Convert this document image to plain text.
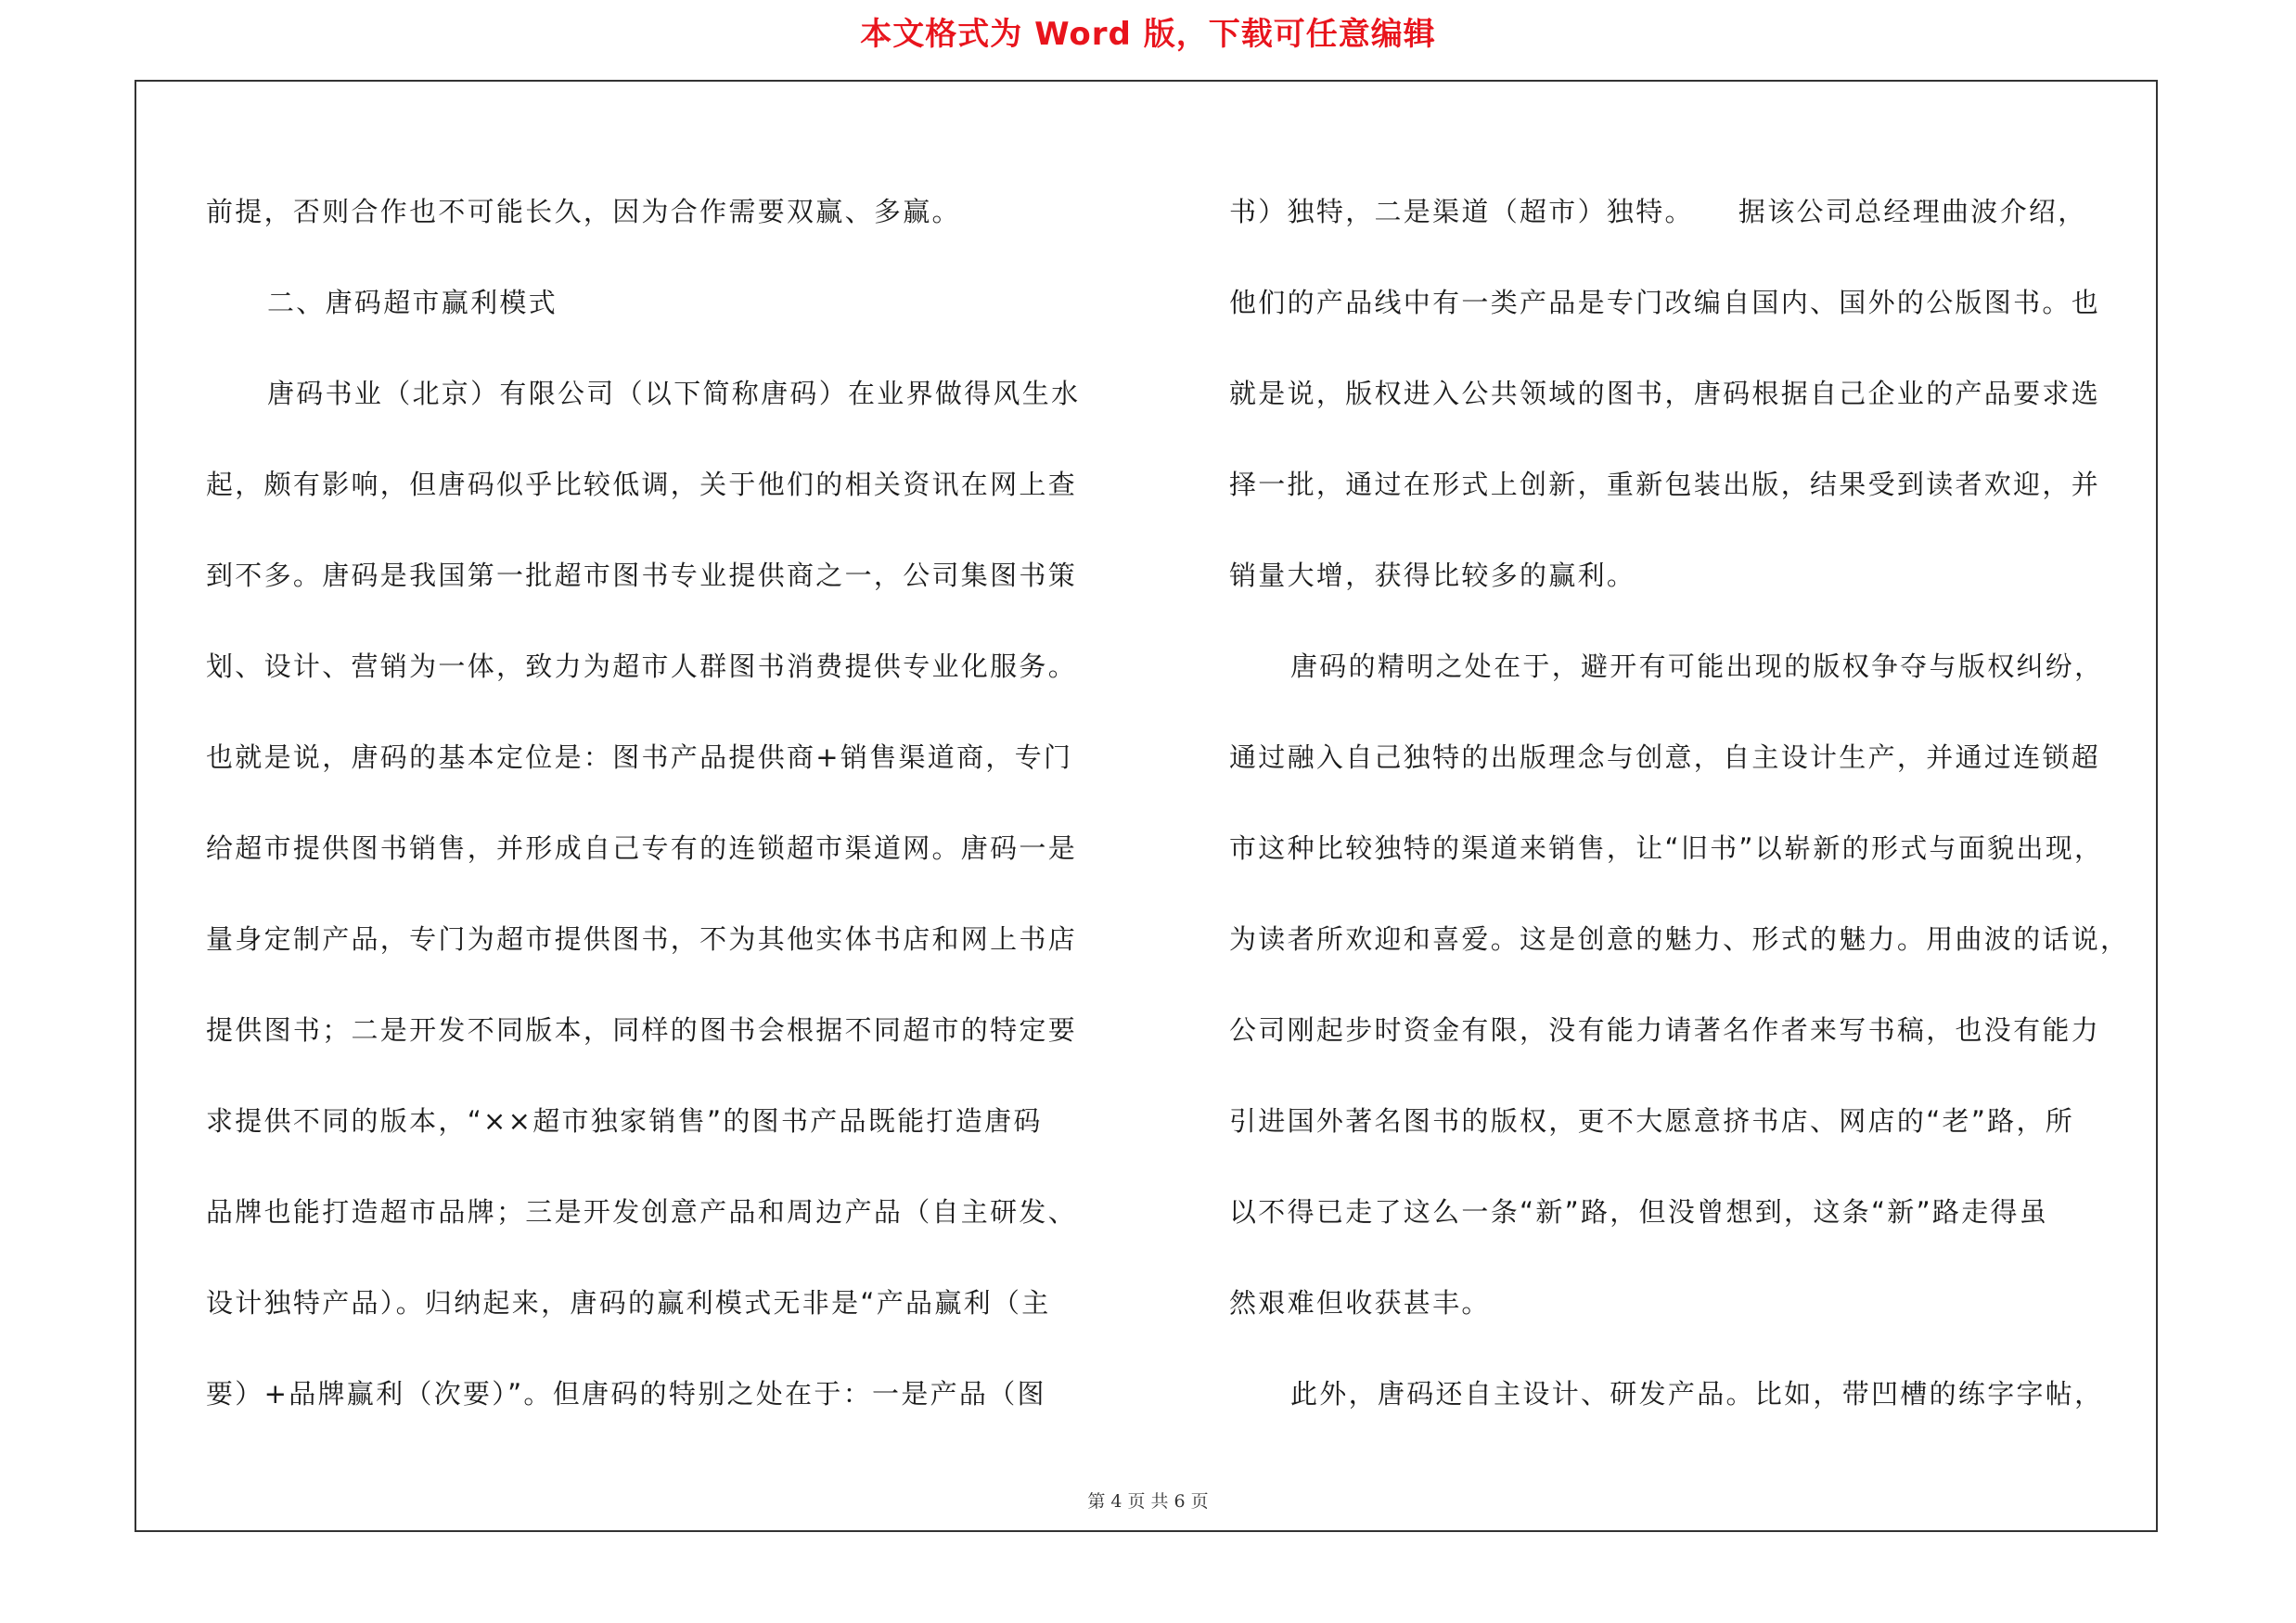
本文格式为 Word 版，下载可任意编辑
前提，否则合作也不可能长久，因为合作需要双赢、多赢。
二、唐码超市赢利模式
唐码书业（北京）有限公司（以下简称唐码）在业界做得风生水
起，颇有影响，但唐码似乎比较低调，关于他们的相关资讯在网上查
到不多。唐码是我国第一批超市图书专业提供商之一，公司集图书策
划、设计、营销为一体，致力为超市人群图书消费提供专业化服务。
也就是说，唐码的基本定位是：图书产品提供商+销售渠道商，专门
给超市提供图书销售，并形成自己专有的连锁超市渠道网。唐码一是
量身定制产品，专门为超市提供图书，不为其他实体书店和网上书店
提供图书；二是开发不同版本，同样的图书会根据不同超市的特定要
求提供不同的版本，“××超市独家销售”的图书产品既能打造唐码
品牌也能打造超市品牌；三是开发创意产品和周边产品（自主研发、
设计独特产品）。归纳起来，唐码的赢利模式无非是“产品赢利（主
要）+品牌赢利（次要）”。但唐码的特别之处在于：一是产品（图
书）独特，二是渠道（超市）独特。　　据该公司总经理曲波介绍，
他们的产品线中有一类产品是专门改编自国内、国外的公版图书。也
就是说，版权进入公共领域的图书，唐码根据自己企业的产品要求选
择一批，通过在形式上创新，重新包装出版，结果受到读者欢迎，并
销量大增，获得比较多的赢利。
唐码的精明之处在于，避开有可能出现的版权争夺与版权纠纷，
通过融入自己独特的出版理念与创意，自主设计生产，并通过连锁超
市这种比较独特的渠道来销售，让“旧书”以崭新的形式与面貌出现，
为读者所欢迎和喜爱。这是创意的魅力、形式的魅力。用曲波的话说，
公司刚起步时资金有限，没有能力请著名作者来写书稿，也没有能力
引进国外著名图书的版权，更不大愿意挤书店、网店的“老”路，所
以不得已走了这么一条“新”路，但没曾想到，这条“新”路走得虽
然艰难但收获甚丰。
此外，唐码还自主设计、研发产品。比如，带凹槽的练字字帖，
第 4 页 共 6 页
